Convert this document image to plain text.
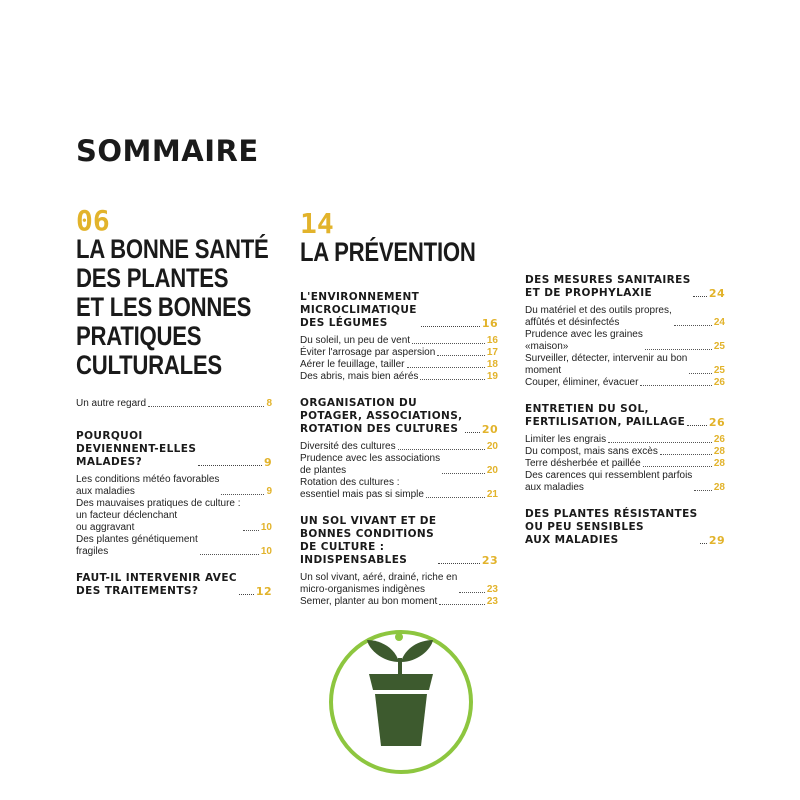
SOMMAIRE
06
LA BONNE SANTÉ
DES PLANTES
ET LES BONNES
PRATIQUES
CULTURALES
Un autre regard	8
POURQUOI
DEVIENNENT-ELLES
MALADES?	9
Les conditions météo favorables
aux maladies	9
Des mauvaises pratiques de culture :
un facteur déclenchant
ou aggravant	10
Des plantes génétiquement
fragiles	10
FAUT-IL INTERVENIR AVEC
DES TRAITEMENTS?	12
14
LA PRÉVENTION
L'ENVIRONNEMENT
MICROCLIMATIQUE
DES LÉGUMES	16
Du soleil, un peu de vent	16
Éviter l'arrosage par aspersion	17
Aérer le feuillage, tailler	18
Des abris, mais bien aérés	19
ORGANISATION DU
POTAGER, ASSOCIATIONS,
ROTATION DES CULTURES	20
Diversité des cultures	20
Prudence avec les associations
de plantes	20
Rotation des cultures :
essentiel mais pas si simple	21
UN SOL VIVANT ET DE
BONNES CONDITIONS
DE CULTURE :
INDISPENSABLES	23
Un sol vivant, aéré, drainé, riche en
micro-organismes indigènes	23
Semer, planter au bon moment	23
DES MESURES SANITAIRES
ET DE PROPHYLAXIE	24
Du matériel et des outils propres,
affûtés et désinfectés	24
Prudence avec les graines
«maison»	25
Surveiller, détecter, intervenir au bon
moment	25
Couper, éliminer, évacuer	26
ENTRETIEN DU SOL,
FERTILISATION, PAILLAGE 26
Limiter les engrais	26
Du compost, mais sans excès	28
Terre désherbée et paillée	28
Des carences qui ressemblent parfois
aux maladies	28
DES PLANTES RÉSISTANTES
OU PEU SENSIBLES
AUX MALADIES	29
